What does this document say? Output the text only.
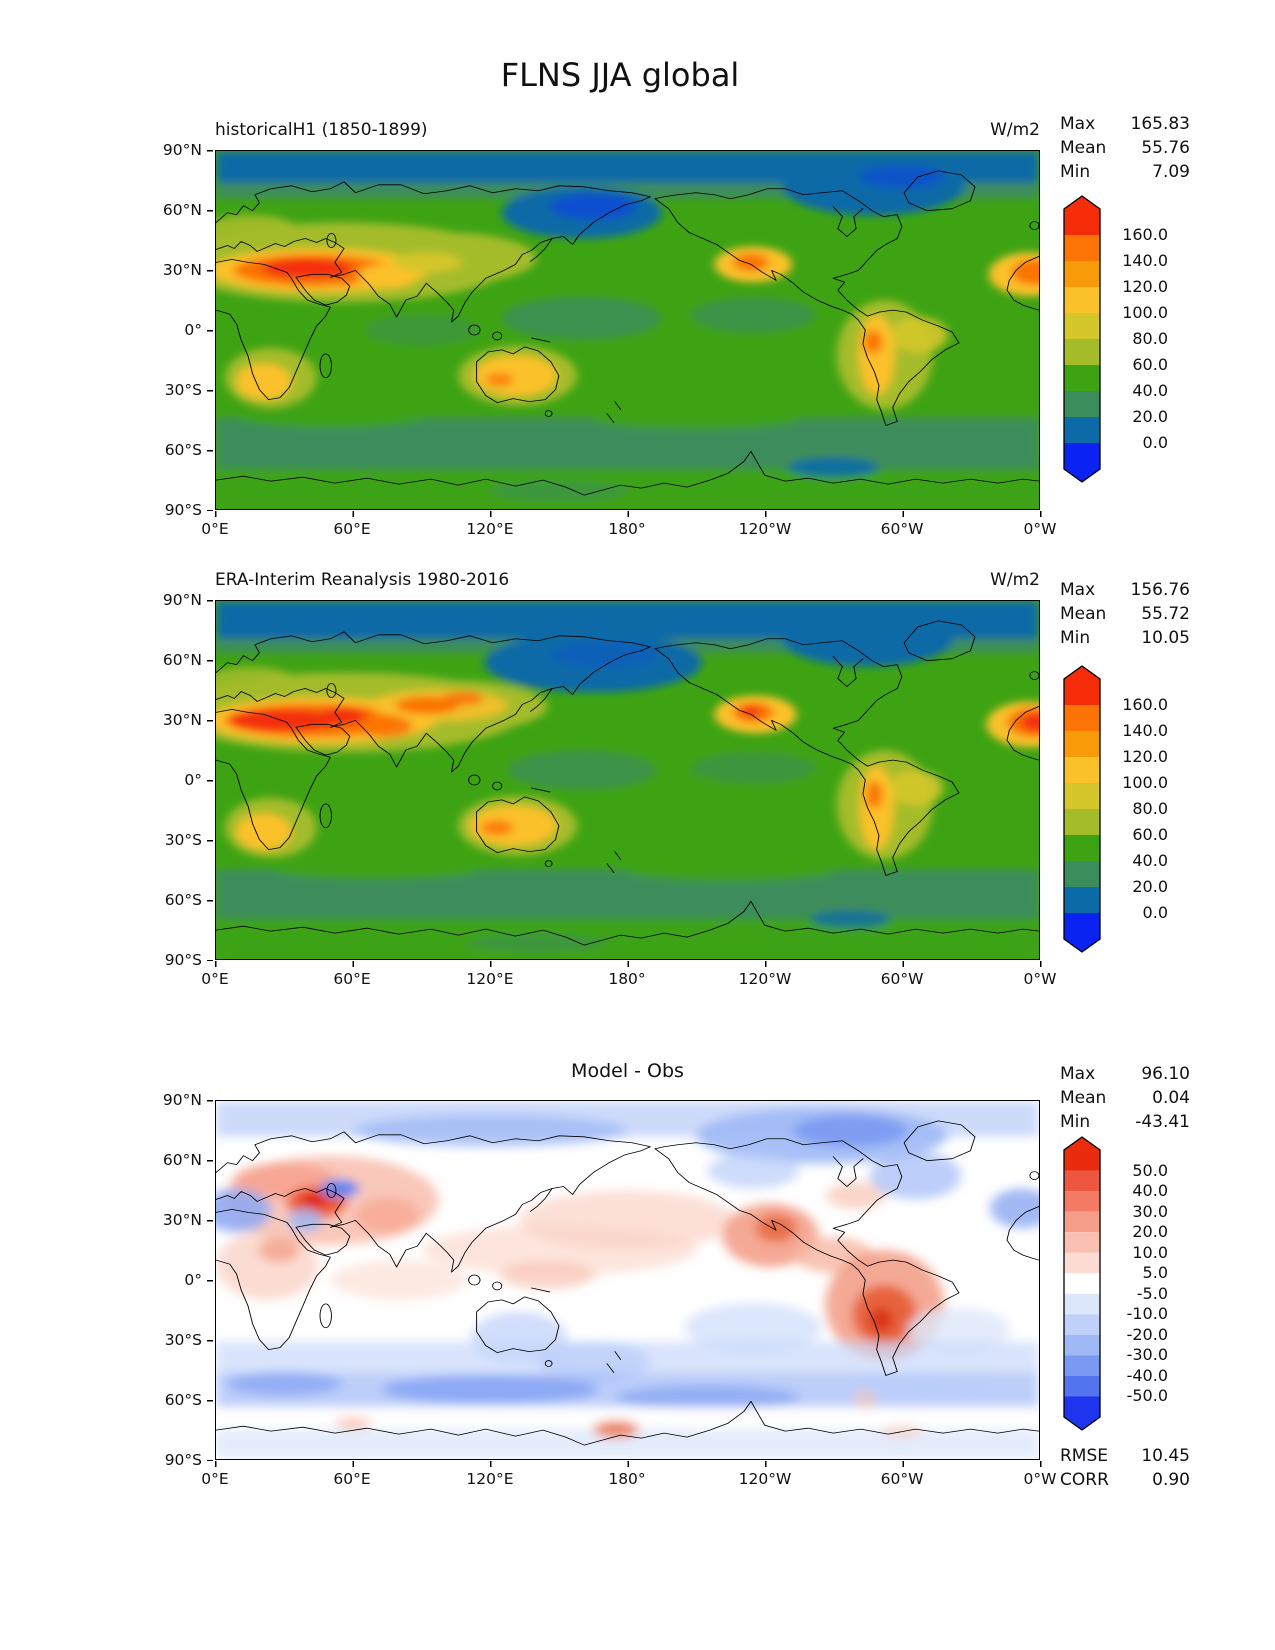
FLNS JJA global
historicalH1 (1850-1899)	W/m2
90°N
60°N
30°N
0°
30°S
60°S
90°S
0°E	60°E	120°E	180°	120°W	60°W	0°W
Max 165.83
Mean 55.76
Min	7.09
160.0
140.0
120.0
100.0
80.0
60.0
40.0
20.0
0.0
ERA-Interim Reanalysis 1980-2016	W/m2
90°N
60°N
30°N
0°
30°S
60°S
90°S
0°E	60°E	120°E	180°	120°W	60°W	0°W
Max 156.76
Mean 55.72
Min	10.05
160.0
140.0
120.0
100.0
80.0
60.0
40.0
20.0
0.0
Model - Obs
90°N
60°N
30°N
0°
30°S
60°S
90°S
0°E	60°E	120°E	180°	120°W	60°W	0°W
Max	96.10
Mean	0.04
Min	-43.41
50.0
40.0
30.0
20.0
10.0
5.0
-5.0
-10.0
-20.0
-30.0
-40.0
-50.0
RMSE 10.45
CORR	0.90
